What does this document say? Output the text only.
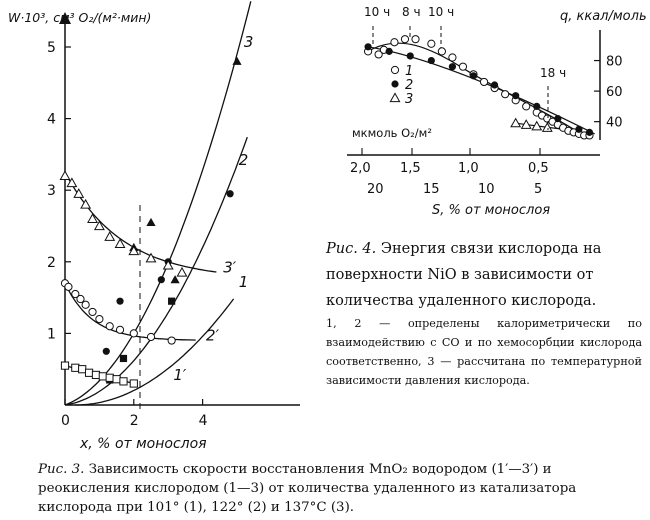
W·10³, см³ O₂/(м²·мин)
x, % от монослоя
1
2
3
4
5
0	2	4
1
2
3
1′
2′
3′
q, ккал/моль
мкмоль O₂/м²
S, % от монослоя
40
60
80
2,0 1,5	1,0	0,5
20	15	10	5
10 ч 8 ч 10 ч
18 ч
1
2
3

Рис. 4. Энергия связи кислорода на поверхности NiO в зависимости от количества удаленного кислорода.

1, 2 — определены калориметрически по взаимодействию с CO и по хемосорбции кислорода соответственно, 3 — рассчитана по температурной зависимости давления кислорода.

Рис. 3. Зависимость скорости восстановления MnO₂ водородом (1′—3′) и реокисления кислородом (1—3) от количества удаленного из катализатора кислорода при 101° (1), 122° (2) и 137°C (3).
